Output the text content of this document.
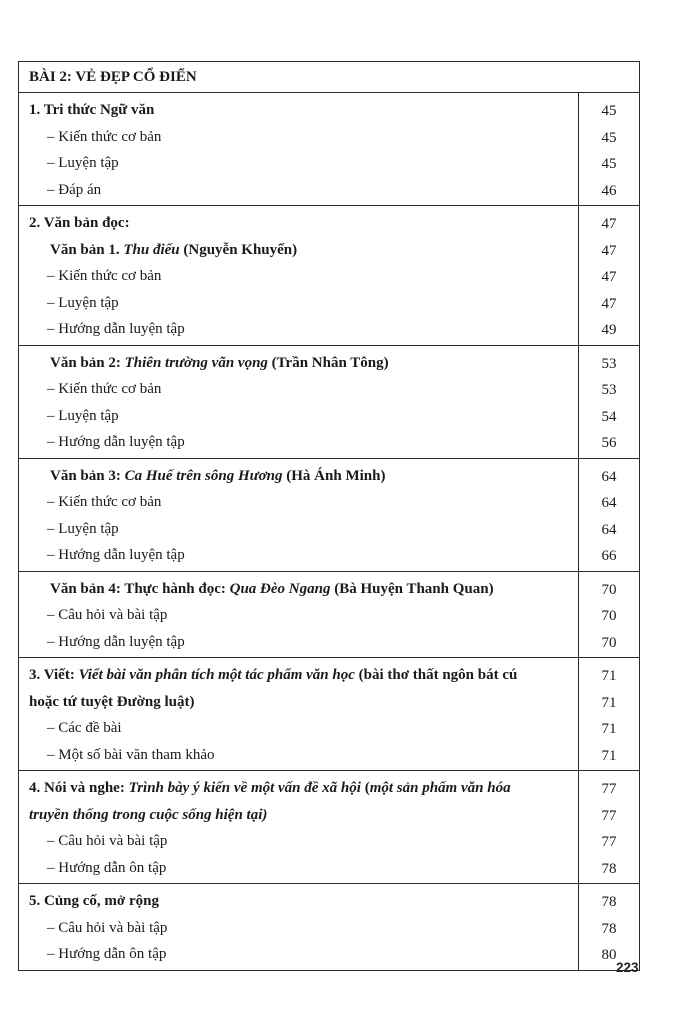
BÀI 2: VẺ ĐẸP CỔ ĐIỂN
1. Tri thức Ngữ văn
– Kiến thức cơ bản
– Luyện tập
– Đáp án
45
45
45
46
2. Văn bản đọc:
Văn bản 1. Thu điếu (Nguyễn Khuyến)
– Kiến thức cơ bản
– Luyện tập
– Hướng dẫn luyện tập
47
47
47
47
49
Văn bản 2: Thiên trường vãn vọng (Trần Nhân Tông)
– Kiến thức cơ bản
– Luyện tập
– Hướng dẫn luyện tập
53
53
54
56
Văn bản 3: Ca Huế trên sông Hương (Hà Ánh Minh)
– Kiến thức cơ bản
– Luyện tập
– Hướng dẫn luyện tập
64
64
64
66
Văn bản 4: Thực hành đọc: Qua Đèo Ngang (Bà Huyện Thanh Quan)
– Câu hỏi và bài tập
– Hướng dẫn luyện tập
70
70
70
3. Viết: Viết bài văn phân tích một tác phẩm văn học (bài thơ thất ngôn bát cú
hoặc tứ tuyệt Đường luật)
– Các đề bài
– Một số bài văn tham khảo
71
71
71
71
4. Nói và nghe: Trình bày ý kiến về một vấn đề xã hội (một sản phẩm văn hóa
truyền thống trong cuộc sống hiện tại)
– Câu hỏi và bài tập
– Hướng dẫn ôn tập
77
77
77
78
5. Củng cố, mở rộng
– Câu hỏi và bài tập
– Hướng dẫn ôn tập
78
78
80
223
